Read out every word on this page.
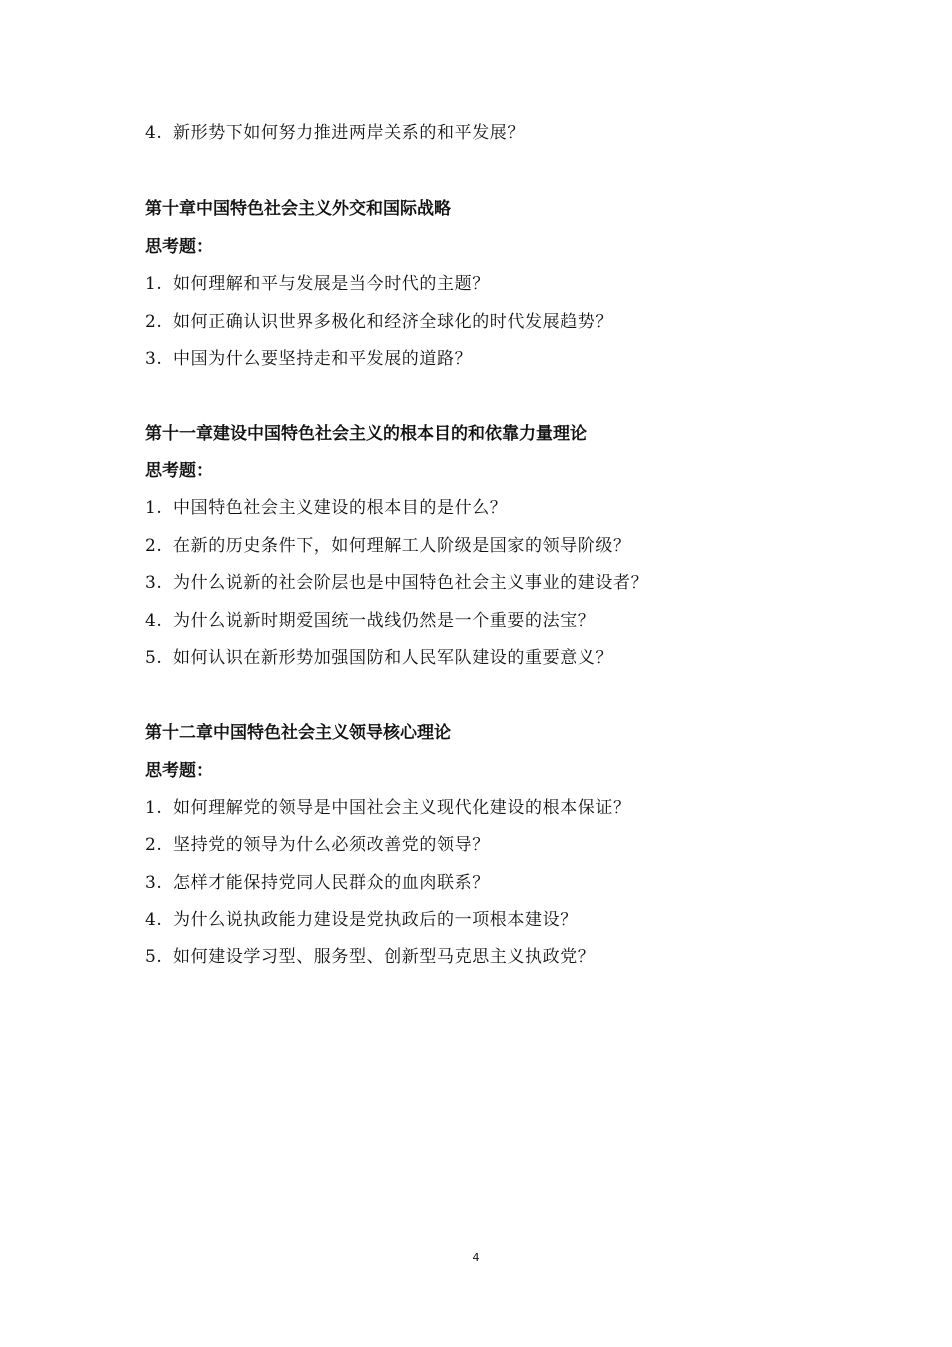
4. 新形势下如何努力推进两岸关系的和平发展？
第十章中国特色社会主义外交和国际战略
思考题：
1. 如何理解和平与发展是当今时代的主题？
2. 如何正确认识世界多极化和经济全球化的时代发展趋势？
3. 中国为什么要坚持走和平发展的道路？
第十一章建设中国特色社会主义的根本目的和依靠力量理论
思考题：
1. 中国特色社会主义建设的根本目的是什么？
2. 在新的历史条件下，如何理解工人阶级是国家的领导阶级？
3. 为什么说新的社会阶层也是中国特色社会主义事业的建设者？
4. 为什么说新时期爱国统一战线仍然是一个重要的法宝？
5. 如何认识在新形势加强国防和人民军队建设的重要意义？
第十二章中国特色社会主义领导核心理论
思考题：
1. 如何理解党的领导是中国社会主义现代化建设的根本保证？
2. 坚持党的领导为什么必须改善党的领导？
3. 怎样才能保持党同人民群众的血肉联系？
4. 为什么说执政能力建设是党执政后的一项根本建设？
5. 如何建设学习型、服务型、创新型马克思主义执政党？
4
